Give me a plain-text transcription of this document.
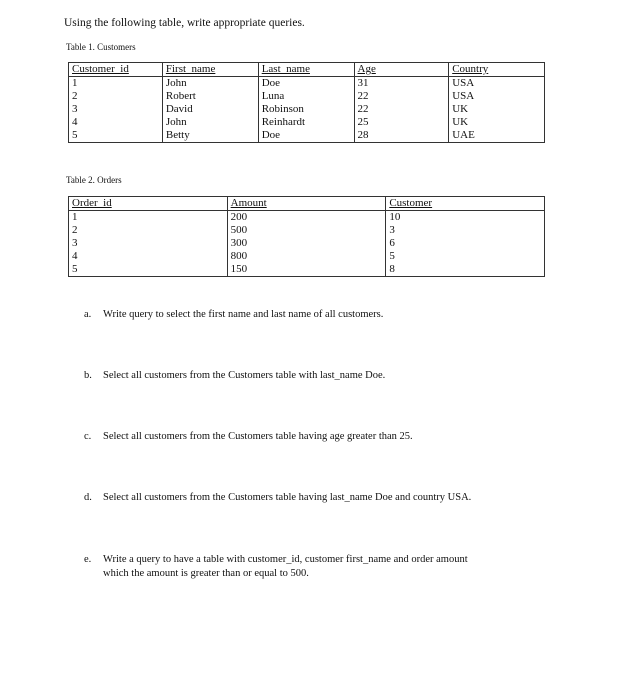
Using the following table, write appropriate queries.
Table 1. Customers
Customer_id	First_name	Last_name	Age	Country
1	John	Doe	31	USA
2	Robert	Luna	22	USA
3	David	Robinson	22	UK
4	John	Reinhardt	25	UK
5	Betty	Doe	28	UAE
Table 2. Orders
Order_id	Amount	Customer
1	200	10
2	500	3
3	300	6
4	800	5
5	150	8
a. Write query to select the first name and last name of all customers.
b. Select all customers from the Customers table with last_name Doe.
c. Select all customers from the Customers table having age greater than 25.
d. Select all customers from the Customers table having last_name Doe and country USA.
e. Write a query to have a table with customer_id, customer first_name and order amount
which the amount is greater than or equal to 500.
